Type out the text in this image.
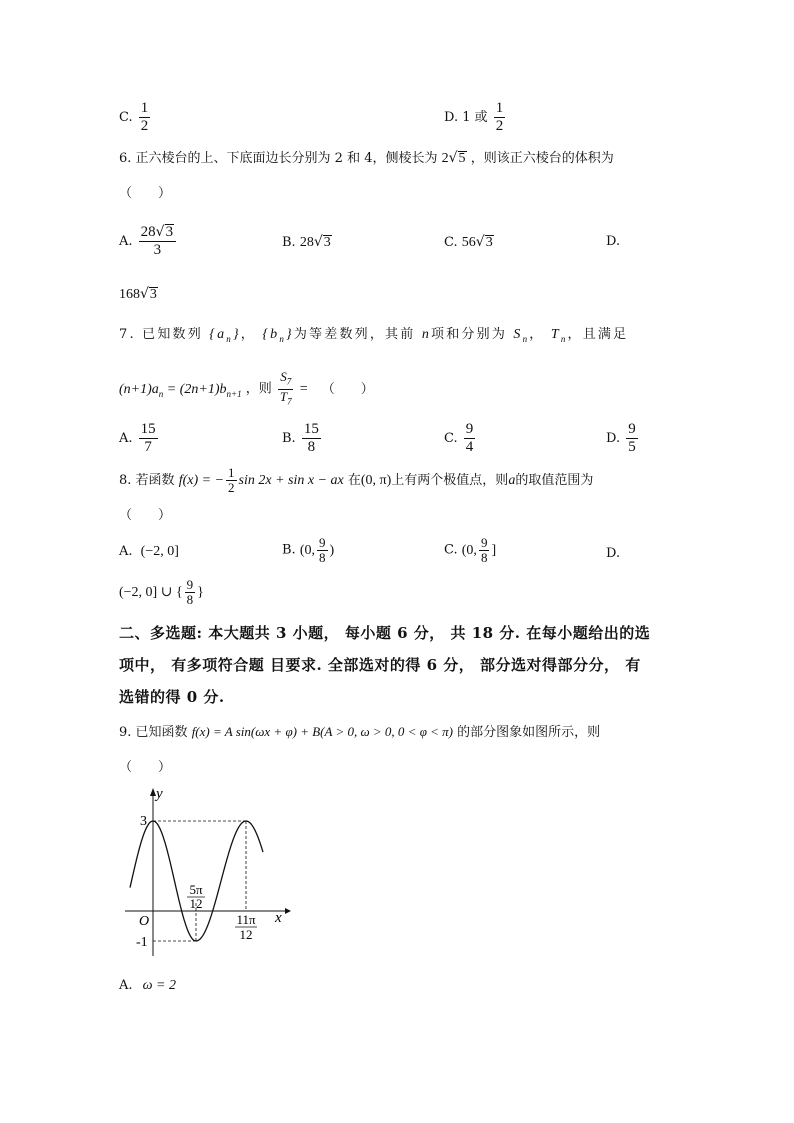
C. $\frac{1}{2}$	D. 1 或 $\frac{1}{2}$
6. 正六棱台的上、下底面边长分别为 2 和 4，侧棱长为 2√5 ，则该正六棱台的体积为
（　　）
A. $\frac{28√3}{3}$	B. 28√3	C. 56√3	D.
168√3
7. 已知数列 $\{a_n\}$， $\{b_n\}$为等差数列，其前 n项和分别为 $S_n$， $T_n$，且满足
$(n+1)a_n = (2n+1)b_{n+1}$ ，则 $\frac{S_7}{T_7}$ = （　　）
A. $\frac{15}{7}$	B. $\frac{15}{8}$	C. $\frac{9}{4}$	D. $\frac{9}{5}$
8. 若函数 f(x) = − $\frac{1}{2}$ sin 2x + sin x − ax 在(0, π)上有两个极值点，则a的取值范围为
（　　）
A. (−2, 0]	B. (0, $\frac{9}{8}$ )	C. (0, $\frac{9}{8}$ ]	D.
(−2, 0] ∪ { $\frac{9}{8}$ }
二、多选题: 本大题共 3 小题， 每小题 6 分， 共 18 分. 在每小题给出的选
项中， 有多项符合题 目要求. 全部选对的得 6 分， 部分选对得部分分， 有
选错的得 0 分.
9. 已知函数 f(x) = A sin(ωx + φ) + B(A > 0, ω > 0, 0 < φ < π) 的部分图象如图所示，则
（　　）
y
x
O
3
-1
5π
12
11π
12
A. ω = 2
